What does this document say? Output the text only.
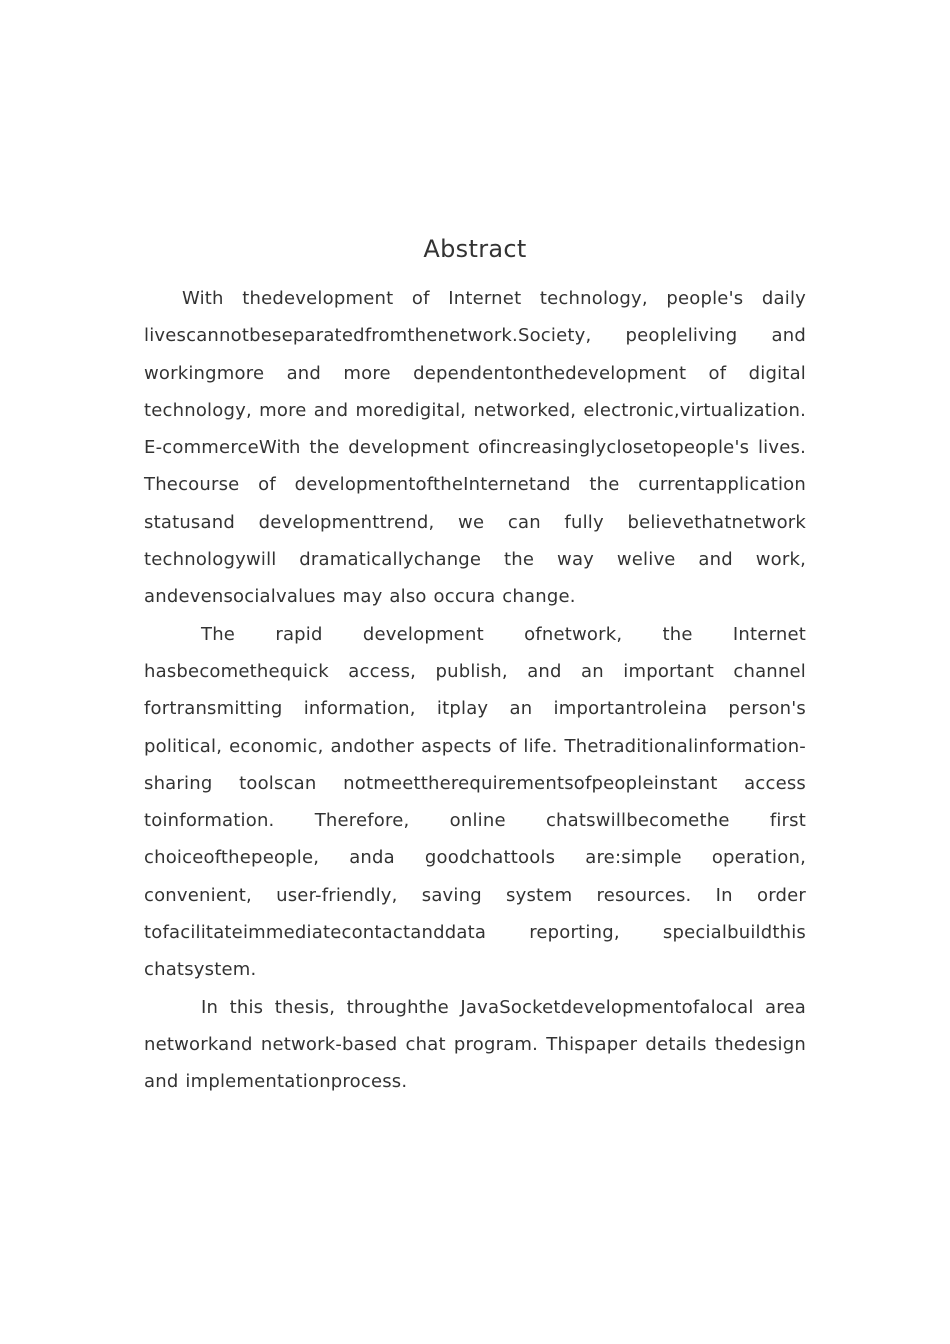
Abstract

With thedevelopment of Internet technology, people's daily livescannotbeseparatedfromthenetwork.Society, peopleliving and workingmore and more dependentonthedevelopment of digital technology, more and moredigital, networked, electronic,virtualization. E-commerceWith the development ofincreasinglyclosetopeople's lives. Thecourse of developmentoftheInternetand the currentapplication statusand developmenttrend, we can fully believethatnetwork technologywill dramaticallychange the way welive and work, andevensocialvalues may also occura change.

The rapid development ofnetwork, the Internet hasbecomethequick access, publish, and an important channel fortransmitting information, itplay an importantroleina person's political, economic, andother aspects of life. Thetraditionalinformation-sharing toolscan notmeettherequirementsofpeopleinstant access toinformation. Therefore, online chatswillbecomethe first choiceofthepeople, anda goodchattools are:simple operation, convenient, user-friendly, saving system resources. In order tofacilitateimmediatecontactanddata reporting, specialbuildthis chatsystem.

In this thesis, throughthe JavaSocketdevelopmentofalocal area networkand network-based chat program. Thispaper details thedesign and implementationprocess.
